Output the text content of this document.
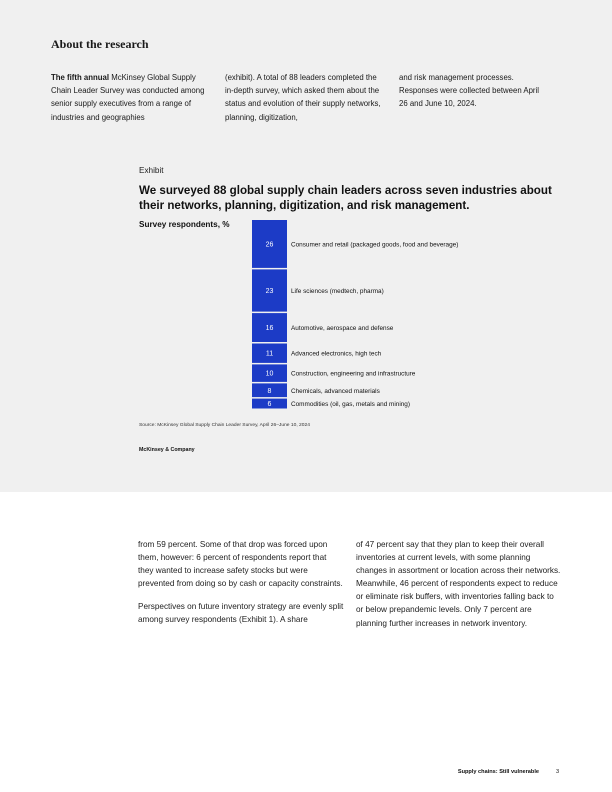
About the research
The fifth annual McKinsey Global Supply Chain Leader Survey was conducted among senior supply executives from a range of industries and geographies
(exhibit). A total of 88 leaders completed the in-depth survey, which asked them about the status and evolution of their supply networks, planning, digitization,
and risk management processes. Responses were collected between April 26 and June 10, 2024.
Exhibit
We surveyed 88 global supply chain leaders across seven industries about their networks, planning, digitization, and risk management.
Survey respondents, %
26	Consumer and retail (packaged goods, food and beverage)
23	Life sciences (medtech, pharma)
16	Automotive, aerospace and defense
11	Advanced electronics, high tech
10	Construction, engineering and infrastructure
8	Chemicals, advanced materials
6	Commodities (oil, gas, metals and mining)
Source: McKinsey Global Supply Chain Leader Survey, April 26–June 10, 2024
McKinsey & Company
from 59 percent. Some of that drop was forced upon them, however: 6 percent of respondents report that they wanted to increase safety stocks but were prevented from doing so by cash or capacity constraints.
Perspectives on future inventory strategy are evenly split among survey respondents (Exhibit 1). A share
of 47 percent say that they plan to keep their overall inventories at current levels, with some planning changes in assortment or location across their networks. Meanwhile, 46 percent of respondents expect to reduce or eliminate risk buffers, with inventories falling back to or below prepandemic levels. Only 7 percent are planning further increases in network inventory.
Supply chains: Still vulnerable	3
